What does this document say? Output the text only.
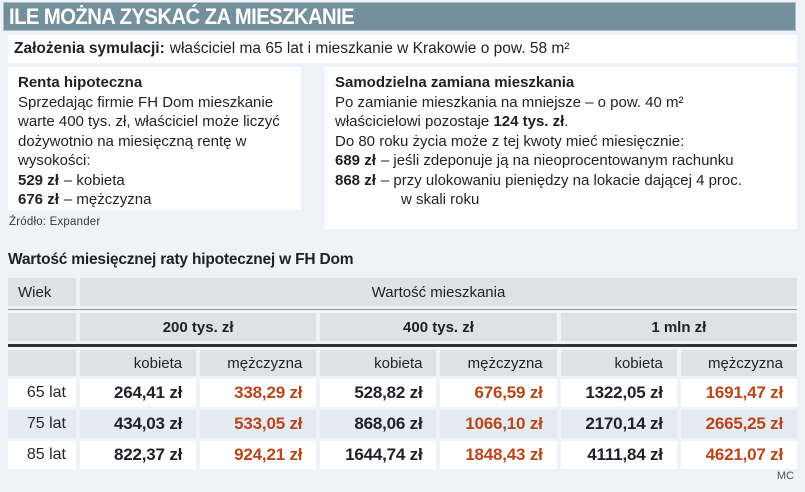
ILE MOŻNA ZYSKAĆ ZA MIESZKANIE
Założenia symulacji: właściciel ma 65 lat i mieszkanie w Krakowie o pow. 58 m²
Renta hipoteczna
Sprzedając firmie FH Dom mieszkanie warte 400 tys. zł, właściciel może liczyć dożywotnio na miesięczną rentę w wysokości:
529 zł – kobieta
676 zł – mężczyzna
Źródło: Expander
Samodzielna zamiana mieszkania
Po zamianie mieszkania na mniejsze – o pow. 40 m²
właścicielowi pozostaje 124 tys. zł.
Do 80 roku życia może z tej kwoty mieć miesięcznie:
689 zł – jeśli zdeponuje ją na nieoprocentowanym rachunku
868 zł – przy ulokowaniu pieniędzy na lokacie dającej 4 proc.
w skali roku
Wartość miesięcznej raty hipotecznej w FH Dom
Wiek	Wartość mieszkania
200 tys. zł	400 tys. zł	1 mln zł
kobieta	mężczyzna	kobieta	mężczyzna	kobieta	mężczyzna
65 lat	264,41 zł	338,29 zł	528,82 zł	676,59 zł	1322,05 zł	1691,47 zł
75 lat	434,03 zł	533,05 zł	868,06 zł	1066,10 zł	2170,14 zł	2665,25 zł
85 lat	822,37 zł	924,21 zł	1644,74 zł	1848,43 zł	4111,84 zł	4621,07 zł
MC
